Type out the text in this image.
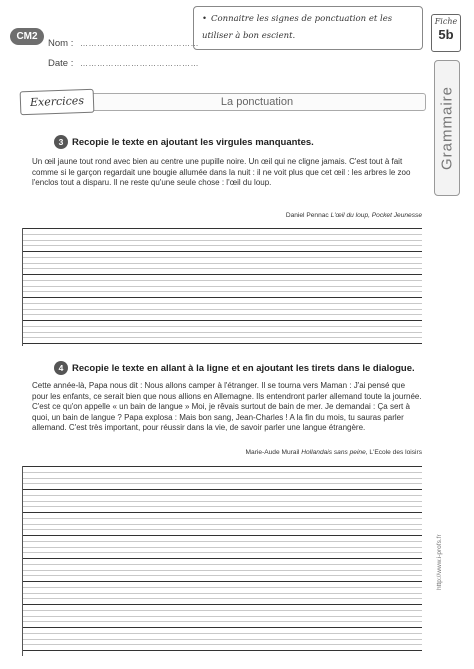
CM2
Nom : ……………………………………
Date : ……………………………………
• Connaitre les signes de ponctuation et les utiliser à bon escient.
Fiche
5b
Grammaire
La ponctuation
Exercices
3 Recopie le texte en ajoutant les virgules manquantes.
Un œil jaune tout rond avec bien au centre une pupille noire. Un œil qui ne cligne jamais. C'est tout à fait comme si le garçon regardait une bougie allumée dans la nuit : il ne voit plus que cet œil : les arbres le zoo l'enclos tout a disparu. Il ne reste qu'une seule chose : l'œil du loup.
Daniel Pennac L'œil du loup, Pocket Jeunesse
4 Recopie le texte en allant à la ligne et en ajoutant les tirets dans le dialogue.
Cette année-là, Papa nous dit : Nous allons camper à l'étranger. Il se tourna vers Maman : J'ai pensé que pour les enfants, ce serait bien que nous allions en Allemagne. Ils entendront parler allemand toute la journée. C'est ce qu'on appelle « un bain de langue » Moi, je rêvais surtout de bain de mer. Je demandai : Ça sert à quoi, un bain de langue ? Papa explosa : Mais bon sang, Jean-Charles ! A la fin du mois, tu sauras parler allemand. C'est très important, pour réussir dans la vie, de savoir parler une langue étrangère.
Marie-Aude Murail Hollandais sans peine, L'Ecole des loisirs
http://www.i-profs.fr
